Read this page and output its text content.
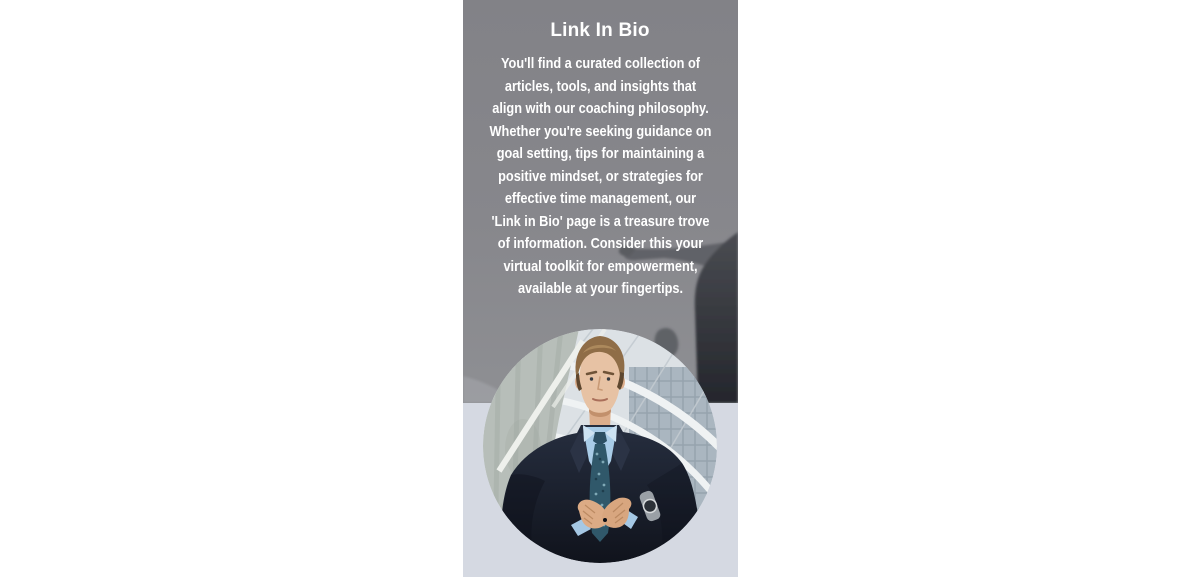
Link In Bio
You'll find a curated collection of
articles, tools, and insights that
align with our coaching philosophy.
Whether you're seeking guidance on
goal setting, tips for maintaining a
positive mindset, or strategies for
effective time management, our
'Link in Bio' page is a treasure trove
of information. Consider this your
virtual toolkit for empowerment,
available at your fingertips.
